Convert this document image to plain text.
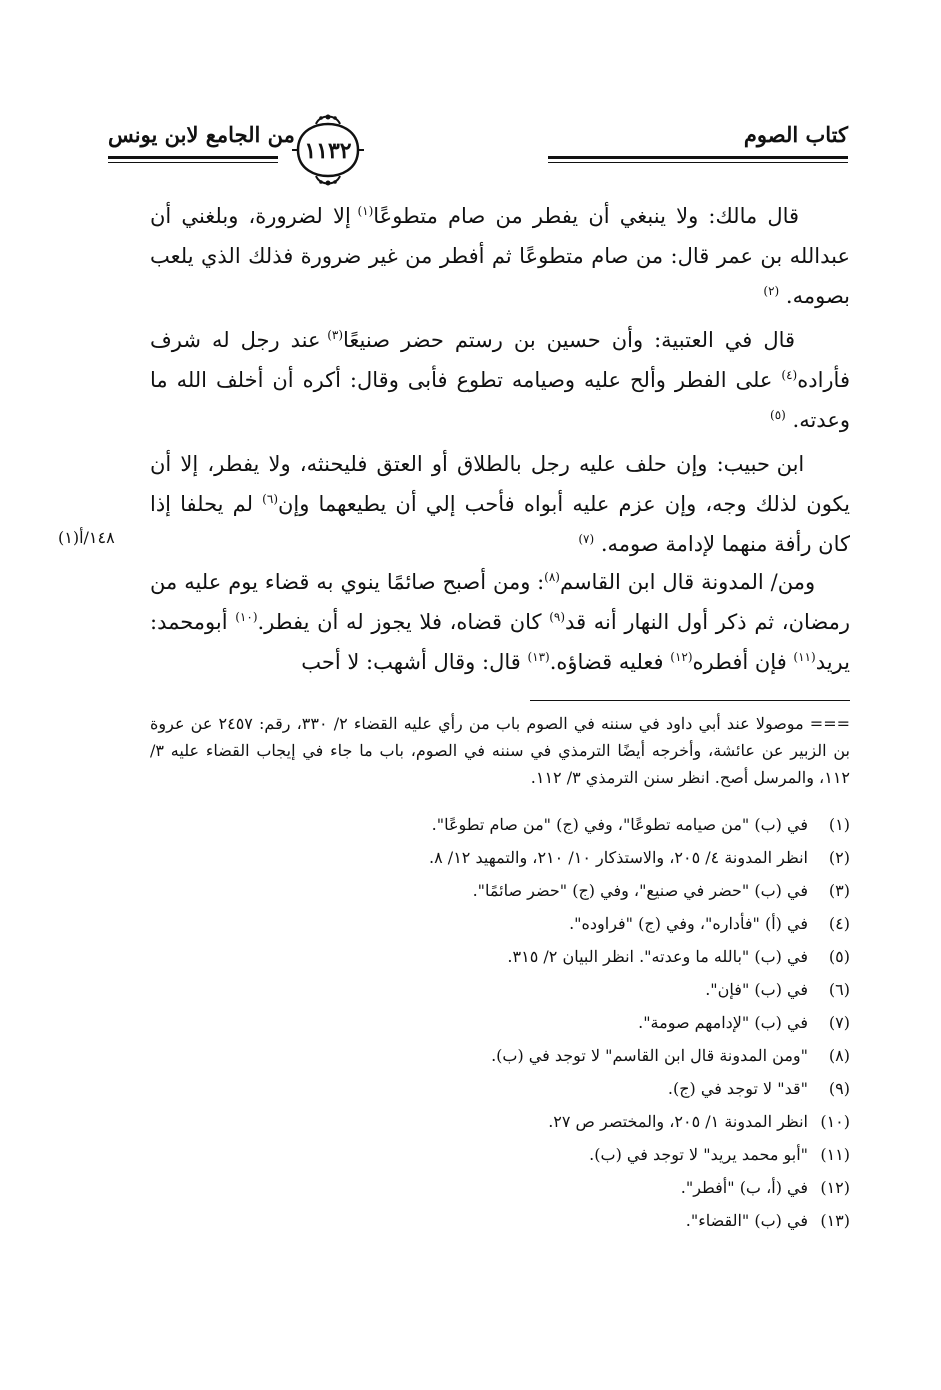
من الجامع لابن يونس	كتاب الصوم
١١٣٢

قال مالك: ولا ينبغي أن يفطر من صام متطوعًا$^{(١)}$ إلا لضرورة، وبلغني أن عبدالله بن عمر قال: من صام متطوعًا ثم أفطر من غير ضرورة فذلك الذي يلعب بصومه. $^{(٢)}$

قال في العتبية: وأن حسين بن رستم حضر صنيعًا$^{(٣)}$ عند رجل له شرف فأراده$^{(٤)}$ على الفطر وألح عليه وصيامه تطوع فأبى وقال: أكره أن أخلف الله ما وعدته. $^{(٥)}$

ابن حبيب: وإن حلف عليه رجل بالطلاق أو العتق فليحنثه، ولا يفطر، إلا أن يكون لذلك وجه، وإن عزم عليه أبواه فأحب إلي أن يطيعهما وإن$^{(٦)}$ لم يحلفا إذا كان رأفة منهما لإدامة صومه. $^{(٧)}$

١٤٨/أ(١)

ومن/ المدونة قال ابن القاسم$^{(٨)}$: ومن أصبح صائمًا ينوي به قضاء يوم عليه من رمضان، ثم ذكر أول النهار أنه قد$^{(٩)}$ كان قضاه، فلا يجوز له أن يفطر.$^{(١٠)}$ أبومحمد: يريد$^{(١١)}$ فإن أفطره$^{(١٢)}$ فعليه قضاؤه.$^{(١٣)}$ قال: وقال أشهب: لا أحب

=== موصولا عند أبي داود في سننه في الصوم باب من رأي عليه القضاء ٢/ ٣٣٠، رقم: ٢٤٥٧ عن عروة بن الزبير عن عائشة، وأخرجه أيضًا الترمذي في سننه في الصوم، باب ما جاء في إيجاب القضاء عليه ٣/ ١١٢، والمرسل أصح. انظر سنن الترمذي ٣/ ١١٢.
(١)في (ب) "من صيامه تطوعًا"، وفي (ج) "من صام تطوعًا".
(٢)انظر المدونة ٤/ ٢٠٥، والاستذكار ١٠/ ٢١٠، والتمهيد ١٢/ ٨.
(٣)في (ب) "حضر في صنيع"، وفي (ج) "حضر صائمًا".
(٤)في (أ) "فأداره"، وفي (ج) "فراوده".
(٥)في (ب) "بالله ما وعدته". انظر البيان ٢/ ٣١٥.
(٦)في (ب) "فإن".
(٧)في (ب) "لإدامهم صومة".
(٨)"ومن المدونة قال ابن القاسم" لا توجد في (ب).
(٩)"قد" لا توجد في (ج).
(١٠)انظر المدونة ١/ ٢٠٥، والمختصر ص ٢٧.
(١١)"أبو محمد يريد" لا توجد في (ب).
(١٢)في (أ، ب) "أفطر".
(١٣)في (ب) "القضاء".
